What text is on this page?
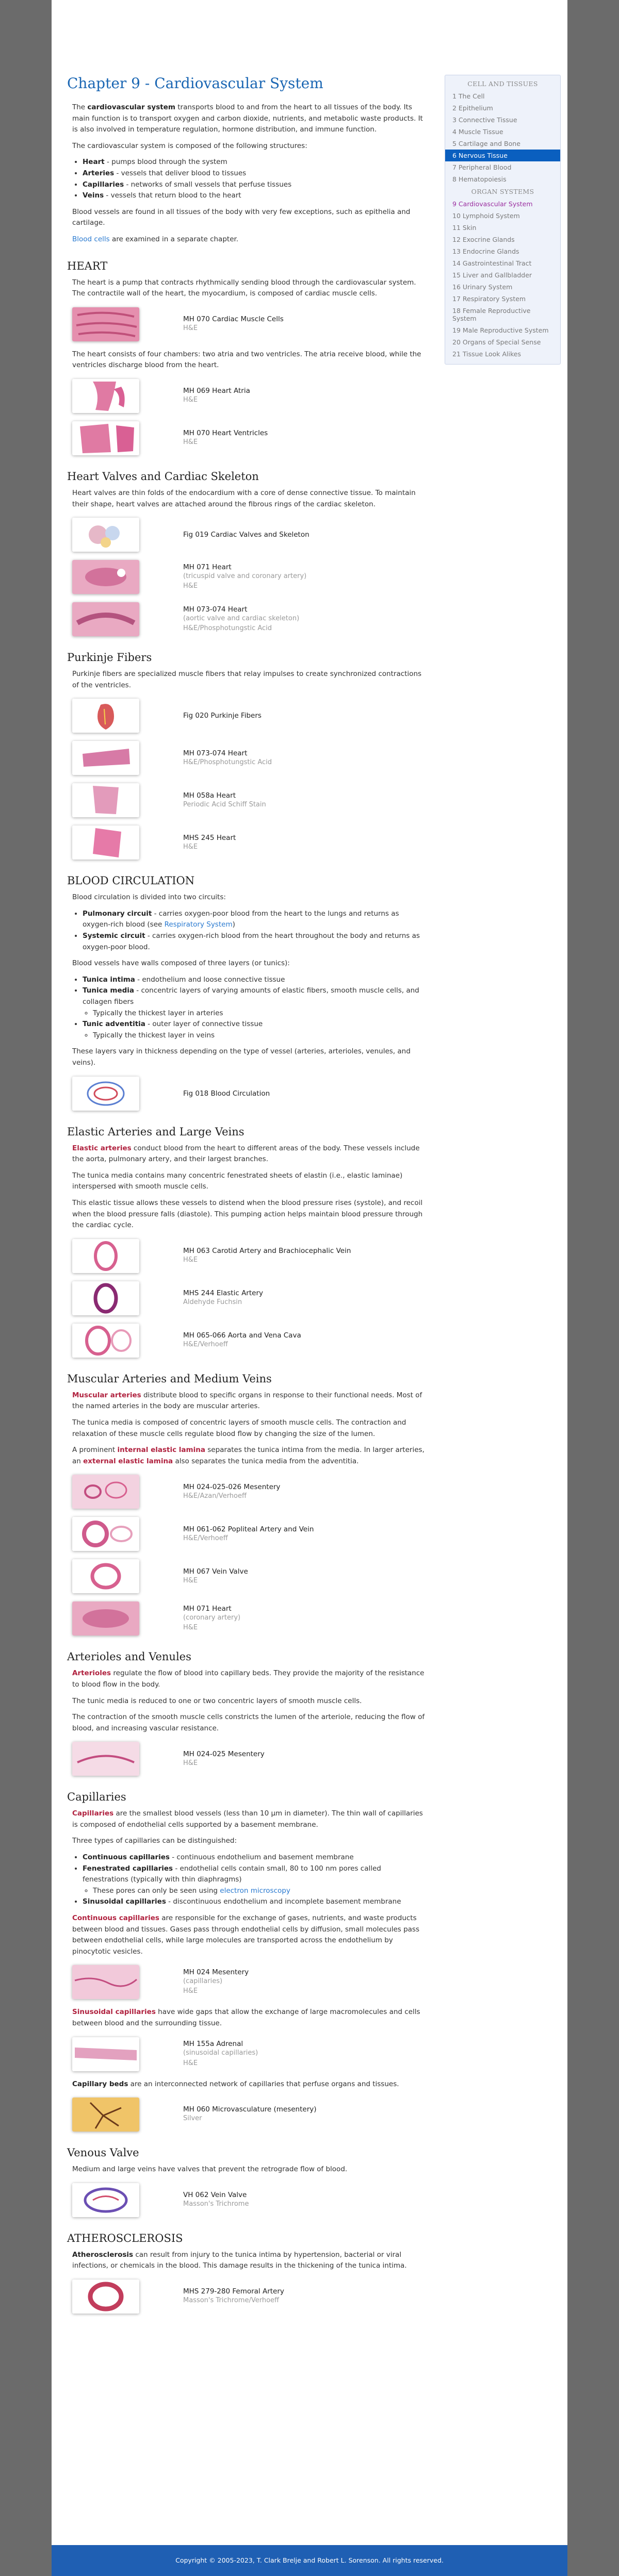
CELL AND TISSUES
1 The Cell
2 Epithelium
3 Connective Tissue
4 Muscle Tissue
5 Cartilage and Bone
6 Nervous Tissue
7 Peripheral Blood
8 Hematopoiesis
ORGAN SYSTEMS
9 Cardiovascular System
10 Lymphoid System
11 Skin
12 Exocrine Glands
13 Endocrine Glands
14 Gastrointestinal Tract
15 Liver and Gallbladder
16 Urinary System
17 Respiratory System
18 Female Reproductive System
19 Male Reproductive System
20 Organs of Special Sense
21 Tissue Look Alikes
Chapter 9 - Cardiovascular System

The cardiovascular system transports blood to and from the heart to all tissues of the body. Its main function is to transport oxygen and carbon dioxide, nutrients, and metabolic waste products. It is also involved in temperature regulation, hormone distribution, and immune function.

The cardiovascular system is composed of the following structures:

• Heart - pumps blood through the system
• Arteries - vessels that deliver blood to tissues
• Capillaries - networks of small vessels that perfuse tissues
• Veins - vessels that return blood to the heart

Blood vessels are found in all tissues of the body with very few exceptions, such as epithelia and cartilage.

Blood cells are examined in a separate chapter.

HEART

The heart is a pump that contracts rhythmically sending blood through the cardiovascular system. The contractile wall of the heart, the myocardium, is composed of cardiac muscle cells.

MH 070 Cardiac Muscle Cells
H&E

The heart consists of four chambers: two atria and two ventricles. The atria receive blood, while the ventricles discharge blood from the heart.

MH 069 Heart Atria
H&E
MH 070 Heart Ventricles
H&E
Heart Valves and Cardiac Skeleton

Heart valves are thin folds of the endocardium with a core of dense connective tissue. To maintain their shape, heart valves are attached around the fibrous rings of the cardiac skeleton.

Fig 019 Cardiac Valves and Skeleton
MH 071 Heart
(tricuspid valve and coronary artery)
H&E
MH 073-074 Heart
(aortic valve and cardiac skeleton)
H&E/Phosphotungstic Acid
Purkinje Fibers

Purkinje fibers are specialized muscle fibers that relay impulses to create synchronized contractions of the ventricles.

Fig 020 Purkinje Fibers
MH 073-074 Heart
H&E/Phosphotungstic Acid
MH 058a Heart
Periodic Acid Schiff Stain
MHS 245 Heart
H&E
BLOOD CIRCULATION

Blood circulation is divided into two circuits:

• Pulmonary circuit - carries oxygen-poor blood from the heart to the lungs and returns as oxygen-rich blood (see Respiratory System)
• Systemic circuit - carries oxygen-rich blood from the heart throughout the body and returns as oxygen-poor blood.

Blood vessels have walls composed of three layers (or tunics):

• Tunica intima - endothelium and loose connective tissue
• Tunica media - concentric layers of varying amounts of elastic fibers, smooth muscle cells, and collagen fibers
◦ Typically the thickest layer in arteries
• Tunic adventitia - outer layer of connective tissue
◦ Typically the thickest layer in veins

These layers vary in thickness depending on the type of vessel (arteries, arterioles, venules, and veins).

Fig 018 Blood Circulation
Elastic Arteries and Large Veins

Elastic arteries conduct blood from the heart to different areas of the body. These vessels include the aorta, pulmonary artery, and their largest branches.

The tunica media contains many concentric fenestrated sheets of elastin (i.e., elastic laminae) interspersed with smooth muscle cells.

This elastic tissue allows these vessels to distend when the blood pressure rises (systole), and recoil when the blood pressure falls (diastole). This pumping action helps maintain blood pressure through the cardiac cycle.

MH 063 Carotid Artery and Brachiocephalic Vein
H&E
MHS 244 Elastic Artery
Aldehyde Fuchsin
MH 065-066 Aorta and Vena Cava
H&E/Verhoeff
Muscular Arteries and Medium Veins

Muscular arteries distribute blood to specific organs in response to their functional needs. Most of the named arteries in the body are muscular arteries.

The tunica media is composed of concentric layers of smooth muscle cells. The contraction and relaxation of these muscle cells regulate blood flow by changing the size of the lumen.

A prominent internal elastic lamina separates the tunica intima from the media. In larger arteries, an external elastic lamina also separates the tunica media from the adventitia.

MH 024-025-026 Mesentery
H&E/Azan/Verhoeff
MH 061-062 Popliteal Artery and Vein
H&E/Verhoeff
MH 067 Vein Valve
H&E
MH 071 Heart
(coronary artery)
H&E
Arterioles and Venules

Arterioles regulate the flow of blood into capillary beds. They provide the majority of the resistance to blood flow in the body.

The tunic media is reduced to one or two concentric layers of smooth muscle cells.

The contraction of the smooth muscle cells constricts the lumen of the arteriole, reducing the flow of blood, and increasing vascular resistance.

MH 024-025 Mesentery
H&E
Capillaries

Capillaries are the smallest blood vessels (less than 10 µm in diameter). The thin wall of capillaries is composed of endothelial cells supported by a basement membrane.

Three types of capillaries can be distinguished:

• Continuous capillaries - continuous endothelium and basement membrane
• Fenestrated capillaries - endothelial cells contain small, 80 to 100 nm pores called fenestrations (typically with thin diaphragms)
◦ These pores can only be seen using electron microscopy
• Sinusoidal capillaries - discontinuous endothelium and incomplete basement membrane

Continuous capillaries are responsible for the exchange of gases, nutrients, and waste products between blood and tissues. Gases pass through endothelial cells by diffusion, small molecules pass between endothelial cells, while large molecules are transported across the endothelium by pinocytotic vesicles.

MH 024 Mesentery
(capillaries)
H&E

Sinusoidal capillaries have wide gaps that allow the exchange of large macromolecules and cells between blood and the surrounding tissue.

MH 155a Adrenal
(sinusoidal capillaries)
H&E

Capillary beds are an interconnected network of capillaries that perfuse organs and tissues.

MH 060 Microvasculature (mesentery)
Silver
Venous Valve

Medium and large veins have valves that prevent the retrograde flow of blood.

VH 062 Vein Valve
Masson's Trichrome
ATHEROSCLEROSIS

Atherosclerosis can result from injury to the tunica intima by hypertension, bacterial or viral infections, or chemicals in the blood. This damage results in the thickening of the tunica intima.

MHS 279-280 Femoral Artery
Masson's Trichrome/Verhoeff
Copyright © 2005-2023, T. Clark Brelje and Robert L. Sorenson. All rights reserved.
